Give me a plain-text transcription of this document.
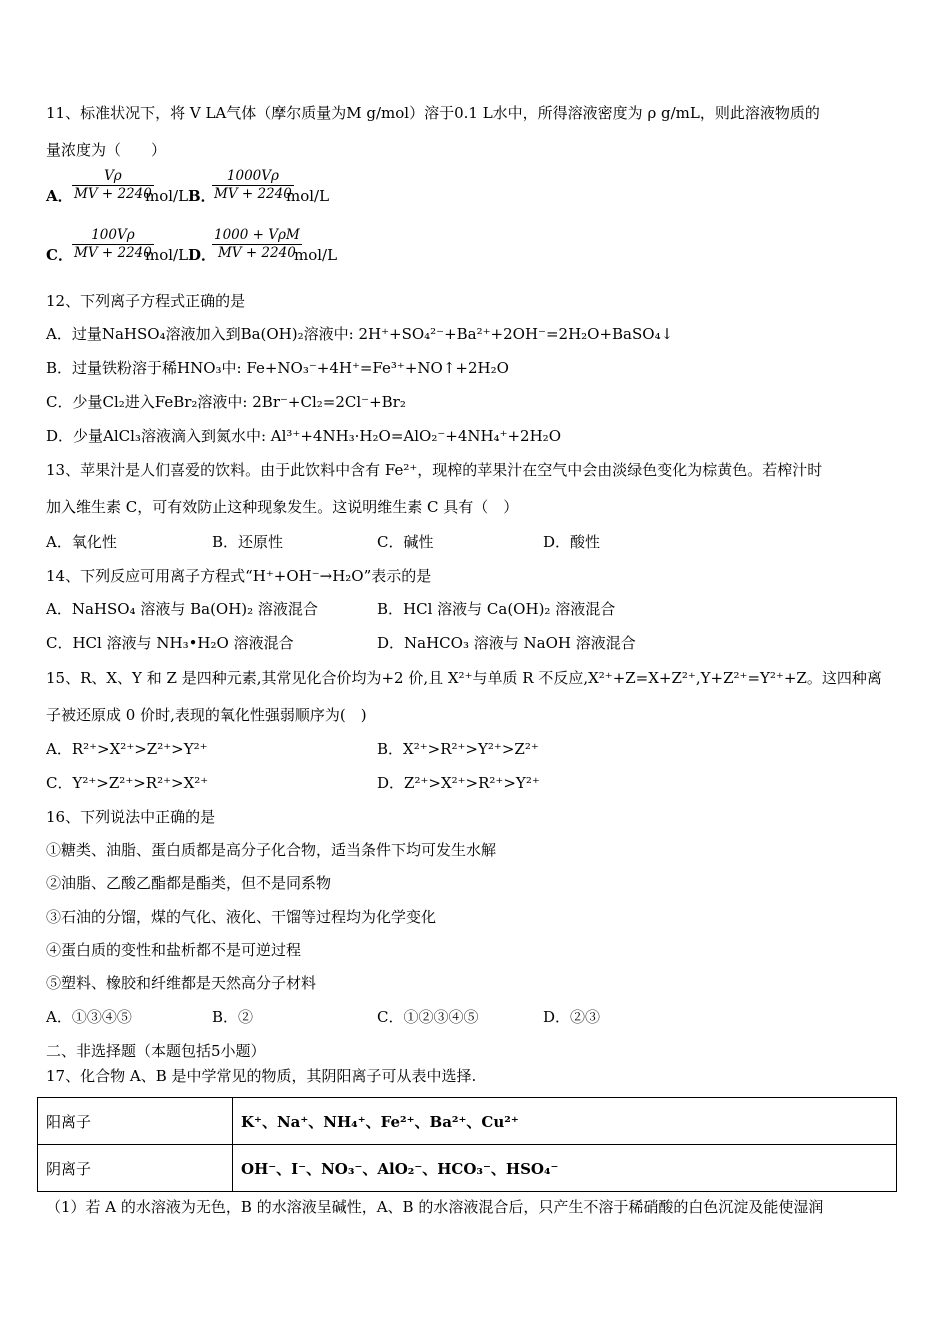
11、标准状况下，将 V LA气体（摩尔质量为M g/mol）溶于0.1 L水中，所得溶液密度为 ρ g/mL，则此溶液物质的
量浓度为（　　）
A． $\frac{V\rho}{MV + 2240}$
mol/L B．
$\frac{1000V\rho}{MV + 2240}$
mol/L
C． $\frac{100V\rho}{MV + 2240}$
mol/L D．
1000 + VρM
MV + 2240
mol/L
12、下列离子方程式正确的是
A．过量NaHSO₄溶液加入到Ba(OH)₂溶液中: 2H⁺+SO₄²⁻+Ba²⁺+2OH⁻=2H₂O+BaSO₄↓
B．过量铁粉溶于稀HNO₃中: Fe+NO₃⁻+4H⁺=Fe³⁺+NO↑+2H₂O
C．少量Cl₂进入FeBr₂溶液中: 2Br⁻+Cl₂=2Cl⁻+Br₂
D．少量AlCl₃溶液滴入到氮水中: Al³⁺+4NH₃·H₂O=AlO₂⁻+4NH₄⁺+2H₂O
13、苹果汁是人们喜爱的饮料。由于此饮料中含有 Fe²⁺，现榨的苹果汁在空气中会由淡绿色变化为棕黄色。若榨汁时
加入维生素 C，可有效防止这种现象发生。这说明维生素 C 具有（　）
A．氧化性	B．还原性	C．碱性	D．酸性
14、下列反应可用离子方程式“H⁺+OH⁻→H₂O”表示的是
A．NaHSO₄ 溶液与 Ba(OH)₂ 溶液混合	B．HCl 溶液与 Ca(OH)₂ 溶液混合
C．HCl 溶液与 NH₃•H₂O 溶液混合	D．NaHCO₃ 溶液与 NaOH 溶液混合
15、R、X、Y 和 Z 是四种元素,其常见化合价均为+2 价,且 X²⁺与单质 R 不反应,X²⁺+Z=X+Z²⁺,Y+Z²⁺=Y²⁺+Z。这四种离
子被还原成 0 价时,表现的氧化性强弱顺序为(　)
A．R²⁺>X²⁺>Z²⁺>Y²⁺	B．X²⁺>R²⁺>Y²⁺>Z²⁺
C．Y²⁺>Z²⁺>R²⁺>X²⁺	D．Z²⁺>X²⁺>R²⁺>Y²⁺
16、下列说法中正确的是
①糖类、油脂、蛋白质都是高分子化合物，适当条件下均可发生水解
②油脂、乙酸乙酯都是酯类，但不是同系物
③石油的分馏，煤的气化、液化、干馏等过程均为化学变化
④蛋白质的变性和盐析都不是可逆过程
⑤塑料、橡胶和纤维都是天然高分子材料
A．①③④⑤	B．②	C．①②③④⑤	D．②③
二、非选择题（本题包括5小题）
17、化合物 A、B 是中学常见的物质，其阴阳离子可从表中选择.
阳离子	K⁺、Na⁺、NH₄⁺、Fe²⁺、Ba²⁺、Cu²⁺
阴离子	OH⁻、I⁻、NO₃⁻、AlO₂⁻、HCO₃⁻、HSO₄⁻
（1）若 A 的水溶液为无色，B 的水溶液呈碱性，A、B 的水溶液混合后，只产生不溶于稀硝酸的白色沉淀及能使湿润
